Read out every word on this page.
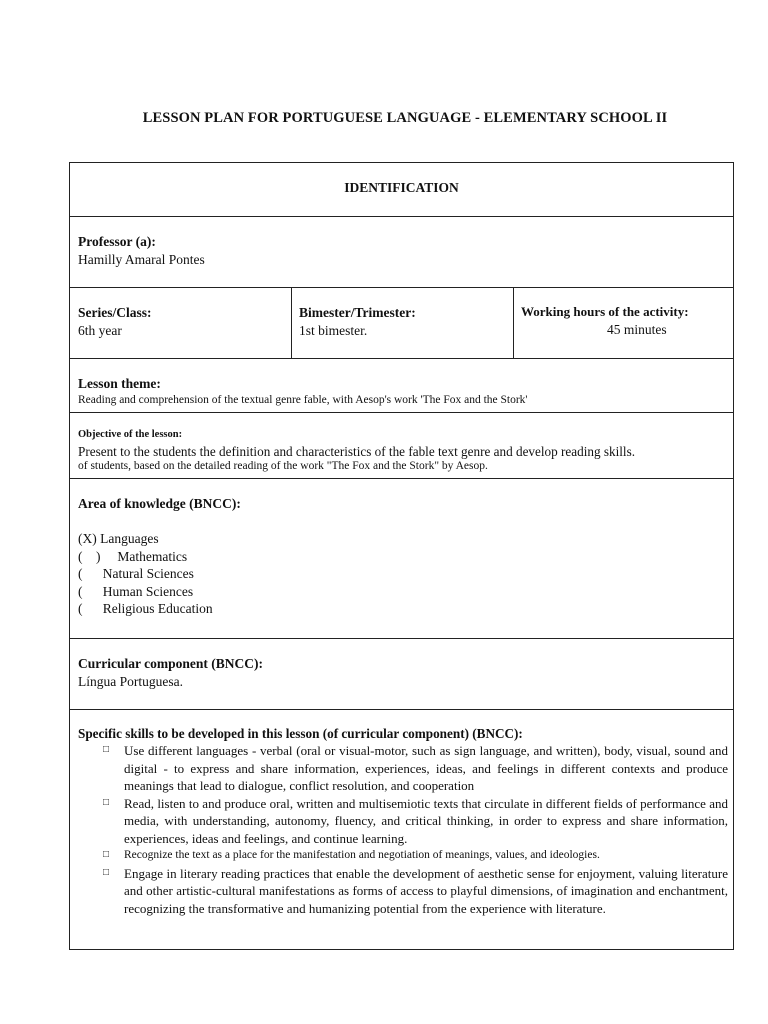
LESSON PLAN FOR PORTUGUESE LANGUAGE - ELEMENTARY SCHOOL II
IDENTIFICATION
Professor (a):
Hamilly Amaral Pontes
Series/Class:
6th year
Bimester/Trimester:
1st bimester.
Working hours of the activity:
45 minutes
Lesson theme:
Reading and comprehension of the textual genre fable, with Aesop's work 'The Fox and the Stork'
Objective of the lesson:
Present to the students the definition and characteristics of the fable text genre and develop reading skills.
of students, based on the detailed reading of the work "The Fox and the Stork" by Aesop.
Area of knowledge (BNCC):
(X) Languages
(    )     Mathematics
(      Natural Sciences
(      Human Sciences
(      Religious Education
Curricular component (BNCC):
Língua Portuguesa.
Specific skills to be developed in this lesson (of curricular component) (BNCC):
□ Use different languages - verbal (oral or visual-motor, such as sign language, and written), body, visual, sound and digital - to express and share information, experiences, ideas, and feelings in different contexts and produce meanings that lead to dialogue, conflict resolution, and cooperation
□ Read, listen to and produce oral, written and multisemiotic texts that circulate in different fields of performance and media, with understanding, autonomy, fluency, and critical thinking, in order to express and share information, experiences, ideas and feelings, and continue learning.
□ Recognize the text as a place for the manifestation and negotiation of meanings, values, and ideologies.
□ Engage in literary reading practices that enable the development of aesthetic sense for enjoyment, valuing literature and other artistic-cultural manifestations as forms of access to playful dimensions, of imagination and enchantment, recognizing the transformative and humanizing potential from the experience with literature.
